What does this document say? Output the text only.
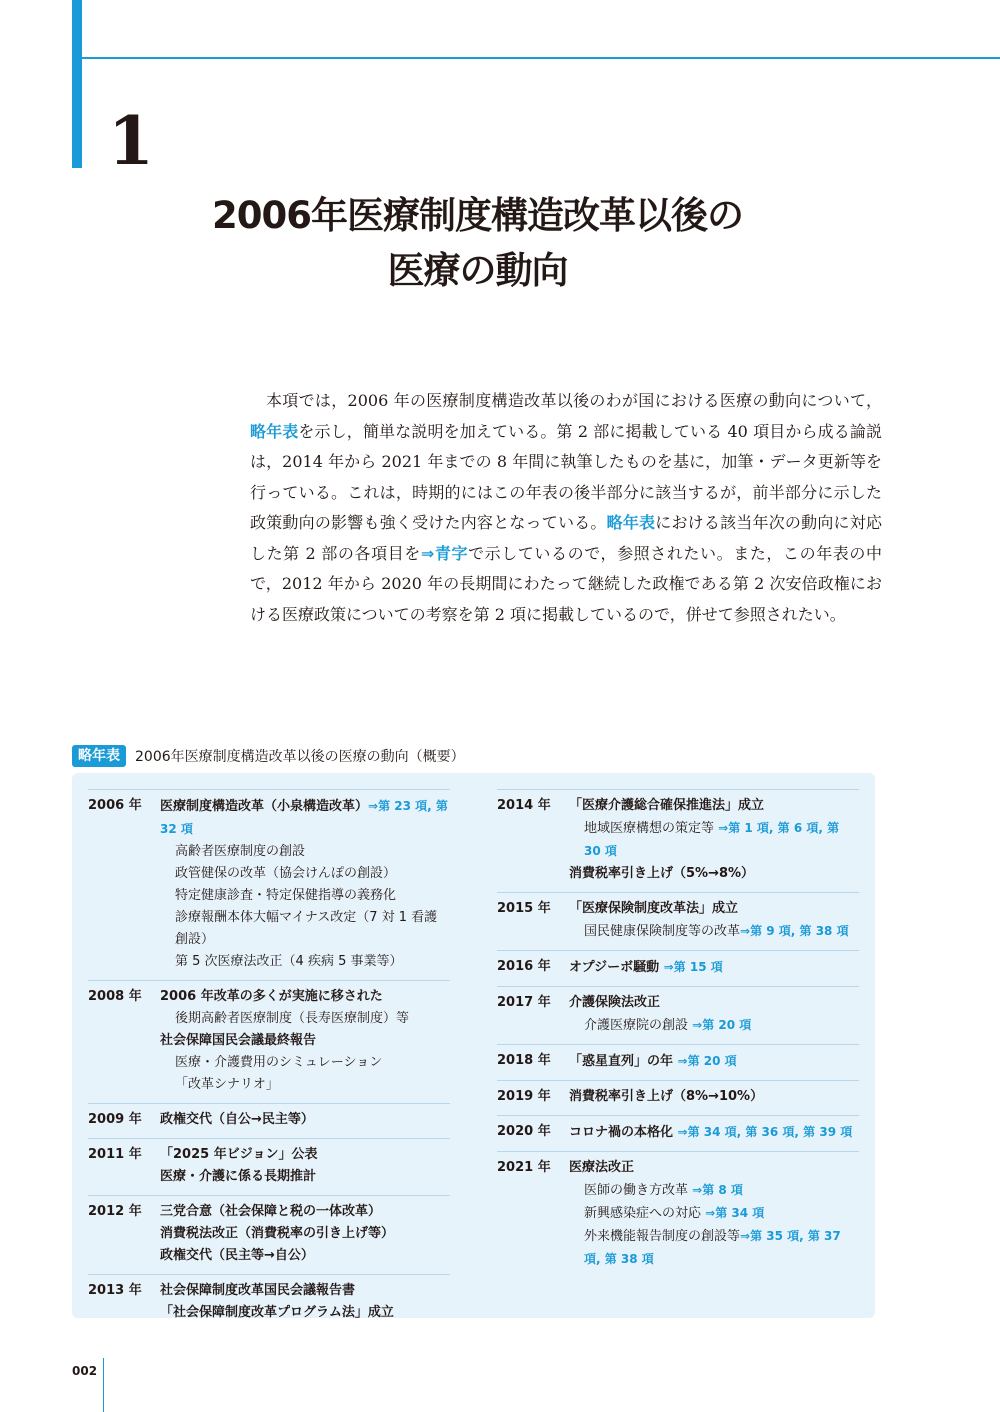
1
2006年医療制度構造改革以後の
医療の動向

本項では，2006 年の医療制度構造改革以後のわが国における医療の動向について，略年表を示し，簡単な説明を加えている。第 2 部に掲載している 40 項目から成る論説は，2014 年から 2021 年までの 8 年間に執筆したものを基に，加筆・データ更新等を行っている。これは，時期的にはこの年表の後半部分に該当するが，前半部分に示した政策動向の影響も強く受けた内容となっている。略年表における該当年次の動向に対応した第 2 部の各項目を⇒青字で示しているので，参照されたい。また，この年表の中で，2012 年から 2020 年の長期間にわたって継続した政権である第 2 次安倍政権における医療政策についての考察を第 2 項に掲載しているので，併せて参照されたい。

略年表	2006年医療制度構造改革以後の医療の動向（概要）
2006 年	医療制度構造改革（小泉構造改革）⇒第 23 項, 第 32 項
高齢者医療制度の創設
政管健保の改革（協会けんぽの創設）
特定健康診査・特定保健指導の義務化
診療報酬本体大幅マイナス改定（7 対 1 看護創設）
第 5 次医療法改正（4 疾病 5 事業等）
2008 年	2006 年改革の多くが実施に移された
後期高齢者医療制度（長寿医療制度）等
社会保障国民会議最終報告
医療・介護費用のシミュレーション
「改革シナリオ」
2009 年	政権交代（自公→民主等）
2011 年	「2025 年ビジョン」公表
医療・介護に係る長期推計
2012 年	三党合意（社会保障と税の一体改革）
消費税法改正（消費税率の引き上げ等）
政権交代（民主等→自公）
2013 年	社会保障制度改革国民会議報告書
「社会保障制度改革プログラム法」成立
2014 年	「医療介護総合確保推進法」成立
地域医療構想の策定等 ⇒第 1 項, 第 6 項, 第 30 項
消費税率引き上げ（5%→8%）
2015 年	「医療保険制度改革法」成立
国民健康保険制度等の改革⇒第 9 項, 第 38 項
2016 年	オプジーボ騒動 ⇒第 15 項
2017 年	介護保険法改正
介護医療院の創設 ⇒第 20 項
2018 年	「惑星直列」の年 ⇒第 20 項
2019 年	消費税率引き上げ（8%→10%）
2020 年	コロナ禍の本格化 ⇒第 34 項, 第 36 項, 第 39 項
2021 年	医療法改正
医師の働き方改革 ⇒第 8 項
新興感染症への対応 ⇒第 34 項
外来機能報告制度の創設等⇒第 35 項, 第 37 項, 第 38 項
002
